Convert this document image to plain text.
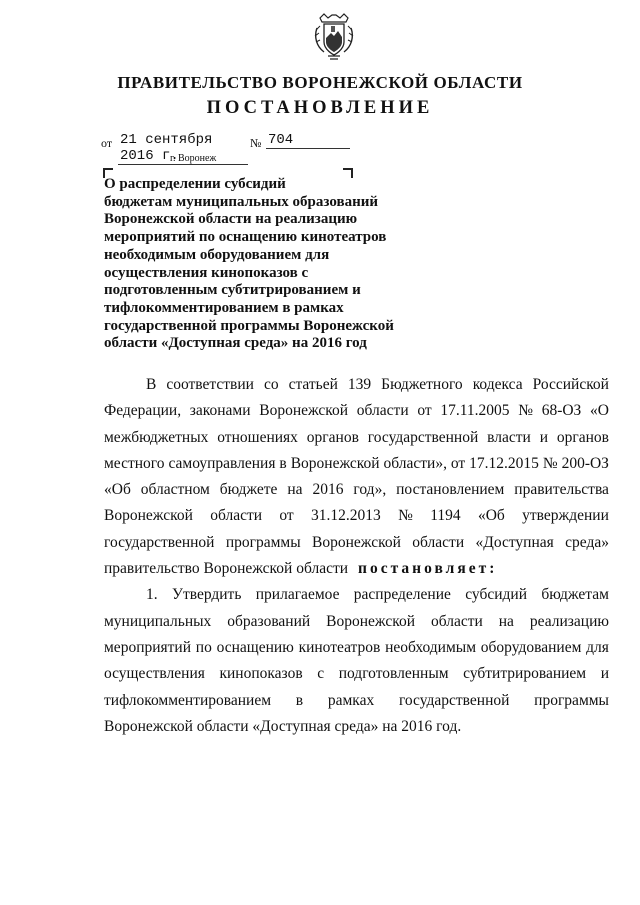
ПРАВИТЕЛЬСТВО ВОРОНЕЖСКОЙ ОБЛАСТИ
ПОСТАНОВЛЕНИЕ
от 21 сентября 2016 г.
№ 704
г. Воронеж
О распределении субсидий
бюджетам муниципальных образований
Воронежской области на реализацию
мероприятий по оснащению кинотеатров
необходимым оборудованием для
осуществления кинопоказов с
подготовленным субтитрированием и
тифлокомментированием в рамках
государственной программы Воронежской
области «Доступная среда» на 2016 год
В соответствии со статьей 139 Бюджетного кодекса Российской
Федерации, законами Воронежской области от 17.11.2005 № 68-ОЗ «О
межбюджетных отношениях органов государственной власти и органов
местного самоуправления в Воронежской области», от 17.12.2015 № 200-ОЗ
«Об областном бюджете на 2016 год», постановлением правительства
Воронежской области от 31.12.2013 № 1194 «Об утверждении
государственной программы Воронежской области «Доступная среда»
правительство Воронежской области постановляет:
1. Утвердить прилагаемое распределение субсидий бюджетам
муниципальных образований Воронежской области на реализацию
мероприятий по оснащению кинотеатров необходимым оборудованием для
осуществления кинопоказов с подготовленным субтитрированием и
тифлокомментированием в рамках государственной программы
Воронежской области «Доступная среда» на 2016 год.
